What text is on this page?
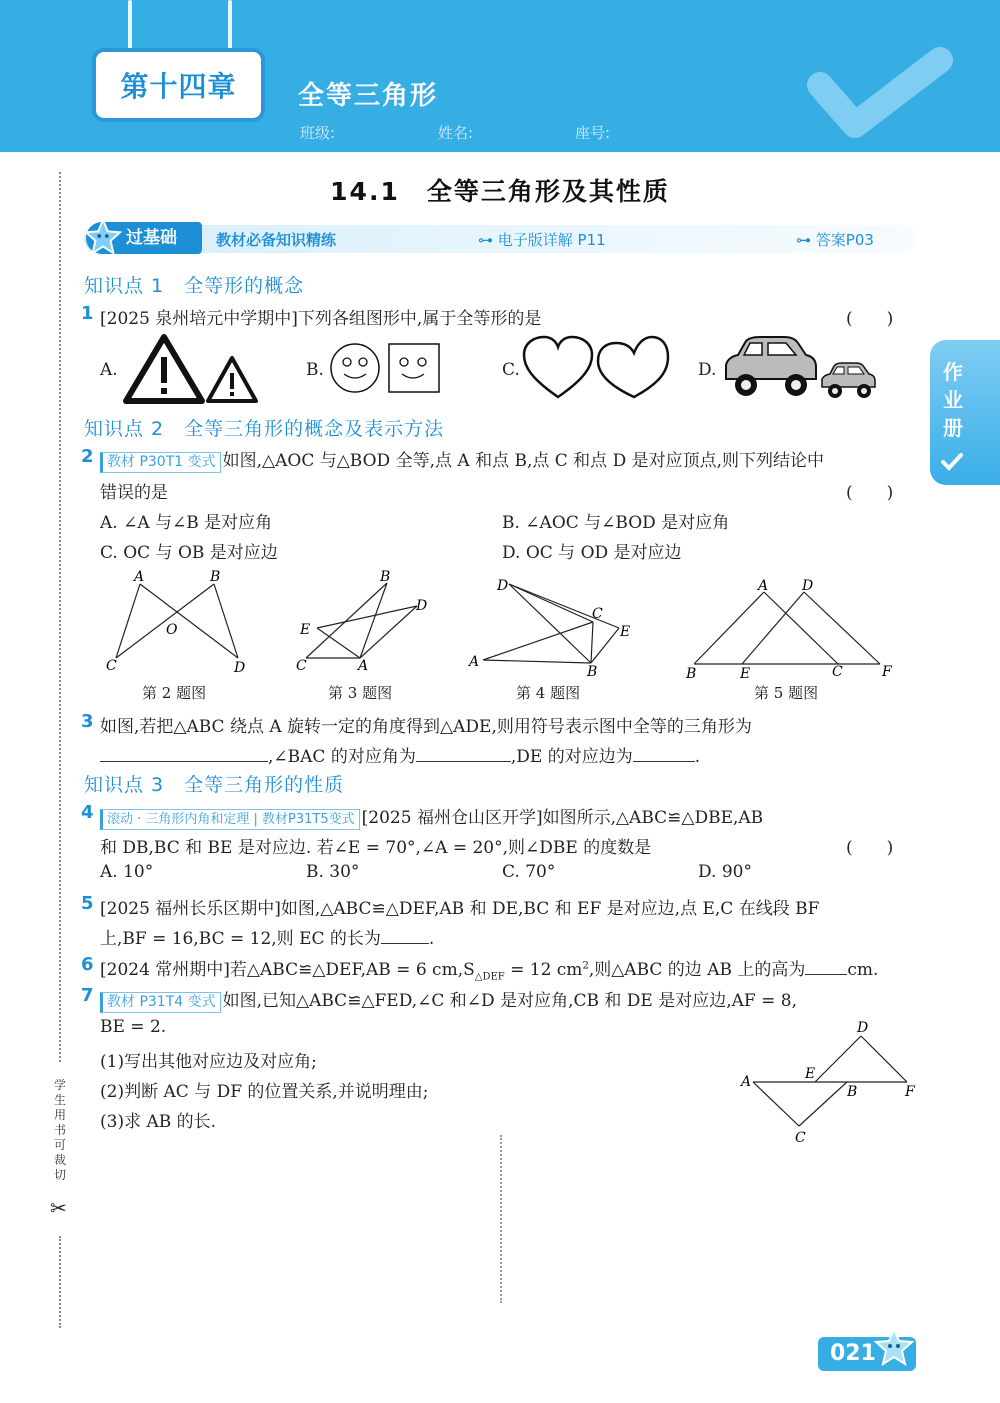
第十四章 全等三角形
班级:	姓名:	座号:
14.1　全等三角形及其性质
过基础	教材必备知识精练	⊶ 电子版详解 P11	⊶ 答案P03
作业册
学生用书可裁切
✂
知识点 1　全等形的概念
1 [2025 泉州培元中学期中]下列各组图形中,属于全等形的是	(　　)
A.	B.	C.	D.
知识点 2　全等三角形的概念及表示方法
2 教材 P30T1 变式 如图,△AOC 与△BOD 全等,点 A 和点 B,点 C 和点 D 是对应顶点,则下列结论中
错误的是	(　　)
A. ∠A 与∠B 是对应角	B. ∠AOC 与∠BOD 是对应角
C. OC 与 OB 是对应边	D. OC 与 OD 是对应边
A	B
O
C	D
第 2 题图
B
D
E
C	A
第 3 题图
D
C
E
A
B
第 4 题图
A D
B	E	C	F
第 5 题图
3 如图,若把△ABC 绕点 A 旋转一定的角度得到△ADE,则用符号表示图中全等的三角形为
,∠BAC 的对应角为	,DE 的对应边为	.
知识点 3　全等三角形的性质
4	滚动 · 三角形内角和定理 | 教材P31T5变式 [2025 福州仓山区开学]如图所示,△ABC≌△DBE,AB
和 DB,BC 和 BE 是对应边. 若∠E = 70°,∠A = 20°,则∠DBE 的度数是	(　　)
A. 10°	B. 30°	C. 70°	D. 90°
5 [2025 福州长乐区期中]如图,△ABC≌△DEF,AB 和 DE,BC 和 EF 是对应边,点 E,C 在线段 BF
上,BF = 16,BC = 12,则 EC 的长为	.
6 [2024 常州期中]若△ABC≌△DEF,AB = 6 $cm,S_{\triangle DEF} = 12$ $cm^2$,则△ABC 的边 AB 上的高为 cm.
7 教材 P31T4 变式 如图,已知△ABC≌△FED,∠C 和∠D 是对应角,CB 和 DE 是对应边,AF = 8,
BE = 2.
(1)写出其他对应边及对应角;
(2)判断 AC 与 DF 的位置关系,并说明理由;
(3)求 AB 的长.
D
A	E
B	F
C
021
